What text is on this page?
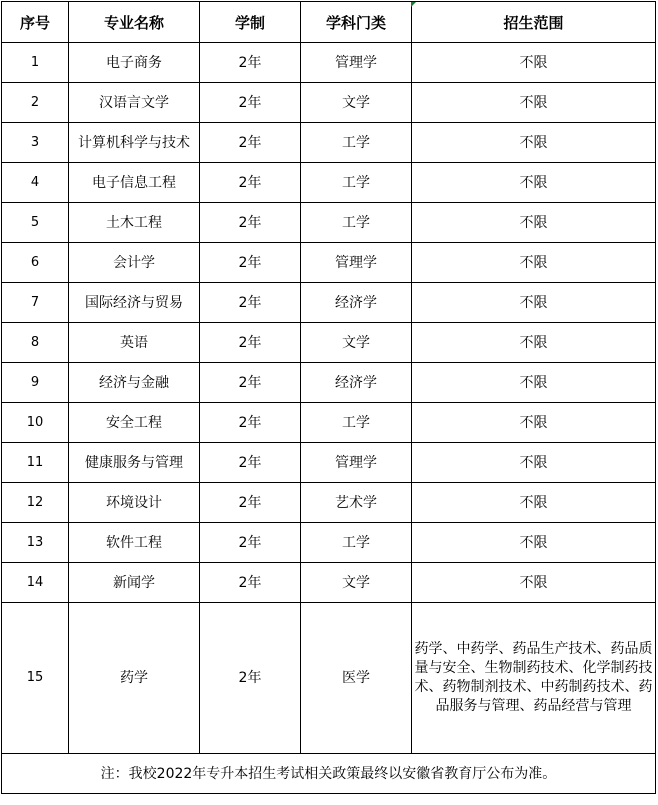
序号	专业名称	学制	学科门类	招生范围
1	电子商务	2年	管理学	不限
2	汉语言文学	2年	文学	不限
3	计算机科学与技术	2年	工学	不限
4	电子信息工程	2年	工学	不限
5	土木工程	2年	工学	不限
6	会计学	2年	管理学	不限
7	国际经济与贸易	2年	经济学	不限
8	英语	2年	文学	不限
9	经济与金融	2年	经济学	不限
10	安全工程	2年	工学	不限
11	健康服务与管理	2年	管理学	不限
12	环境设计	2年	艺术学	不限
13	软件工程	2年	工学	不限
14	新闻学	2年	文学	不限
15	药学	2年	医学	药学、中药学、药品生产技术、药品质量与安全、生物制药技术、化学制药技术、药物制剂技术、中药制药技术、药品服务与管理、药品经营与管理
注：我校2022年专升本招生考试相关政策最终以安徽省教育厅公布为准。				
